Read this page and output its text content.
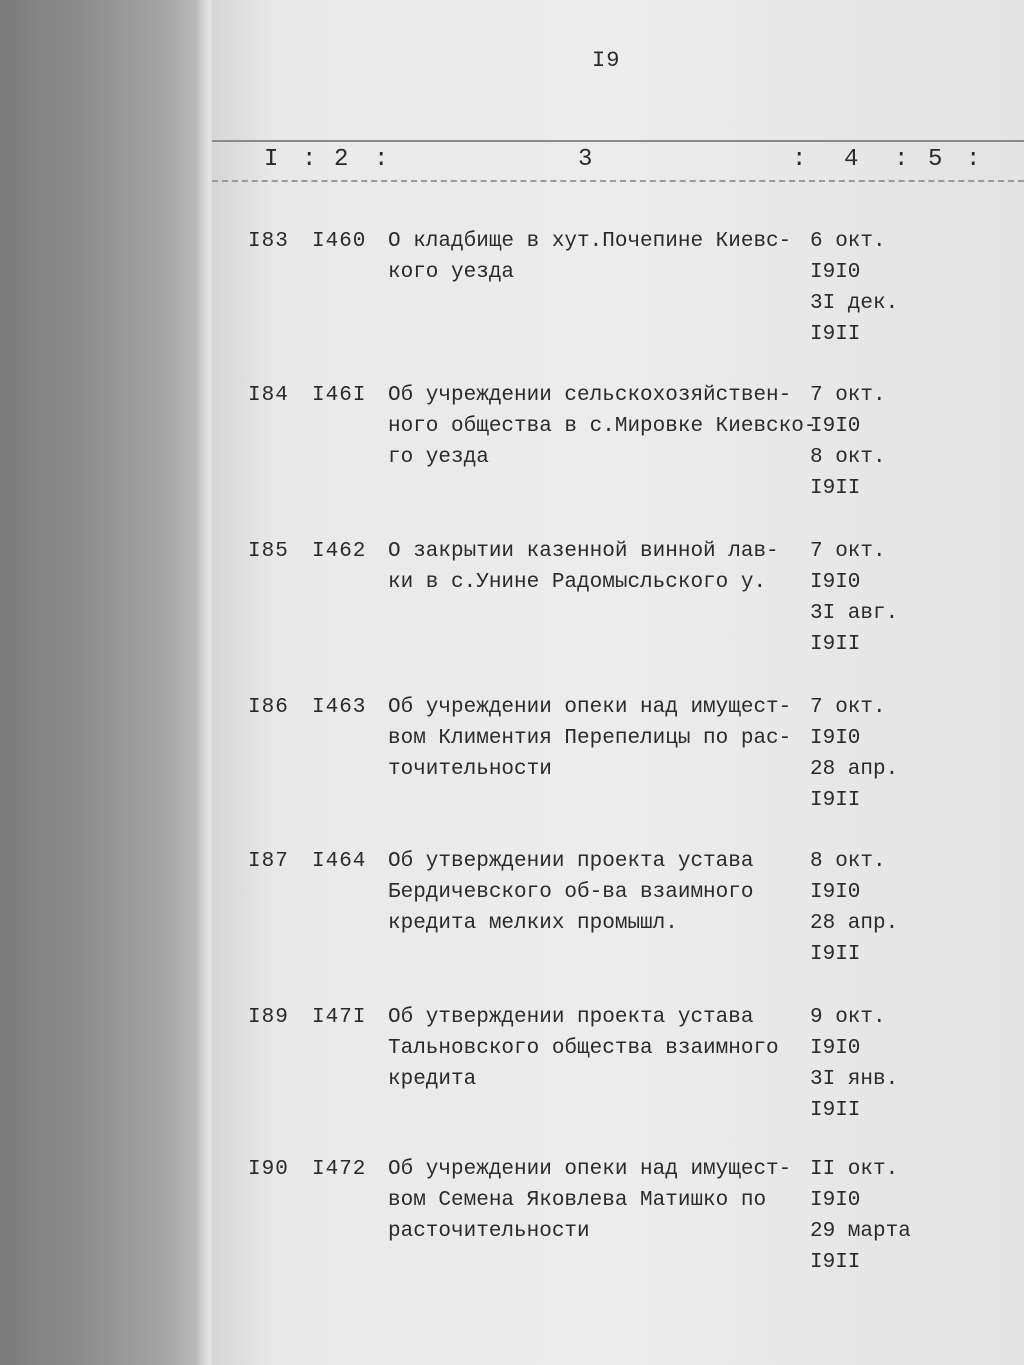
I9
I : 2 :	3	: 4 : 5 :
I83 I460 О кладбище в хут.Почепине Киевс-
кого уезда
6 окт.
I9I0
3I дек.
I9II
I84 I46I Об учреждении сельскохозяйствен-
ного общества в с.Мировке Киевско-
го уезда
7 окт.
I9I0
8 окт.
I9II
I85 I462 О закрытии казенной винной лав-
ки в с.Унине Радомысльского у.
7 окт.
I9I0
3I авг.
I9II
I86 I463 Об учреждении опеки над имущест-
вом Климентия Перепелицы по рас-
точительности
7 окт.
I9I0
28 апр.
I9II
I87 I464 Об утверждении проекта устава
Бердичевского об-ва взаимного
кредита мелких промышл.
8 окт.
I9I0
28 апр.
I9II
I89 I47I Об утверждении проекта устава
Тальновского общества взаимного
кредита
9 окт.
I9I0
3I янв.
I9II
I90 I472 Об учреждении опеки над имущест-
вом Семена Яковлева Матишко по
расточительности
II окт.
I9I0
29 марта
I9II
